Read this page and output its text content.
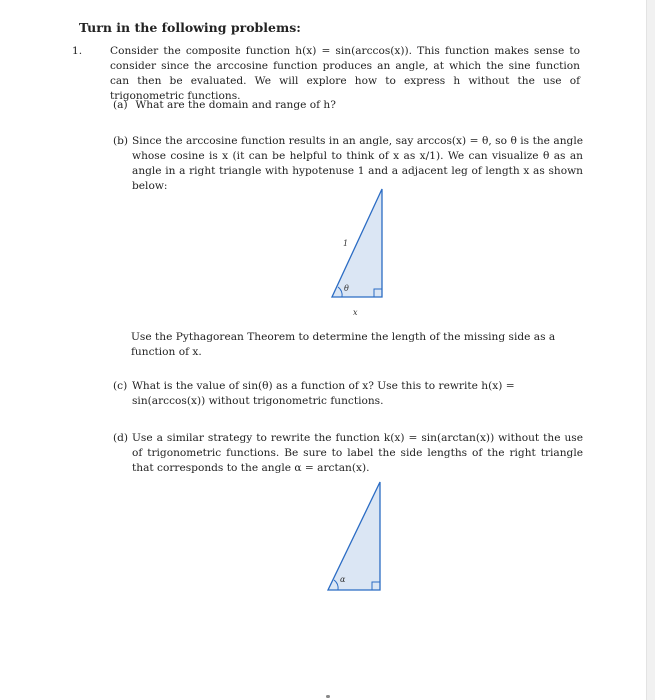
Turn in the following problems:
1.	Consider the composite function h(x) = sin(arccos(x)). This function makes sense to consider since the arccosine function produces an angle, at which the sine function can then be evaluated. We will explore how to express h without the use of trigonometric functions.
(a) What are the domain and range of h?
(b) Since the arccosine function results in an angle, say arccos(x) = θ, so θ is the angle whose cosine is x (it can be helpful to think of x as x/1). We can visualize θ as an angle in a right triangle with hypotenuse 1 and a adjacent leg of length x as shown below:
1
θ
x
Use the Pythagorean Theorem to determine the length of the missing side as a function of x.
(c) What is the value of sin(θ) as a function of x? Use this to rewrite h(x) = sin(arccos(x)) without trigonometric functions.
(d) Use a similar strategy to rewrite the function k(x) = sin(arctan(x)) without the use of trigonometric functions. Be sure to label the side lengths of the right triangle that corresponds to the angle α = arctan(x).
α
